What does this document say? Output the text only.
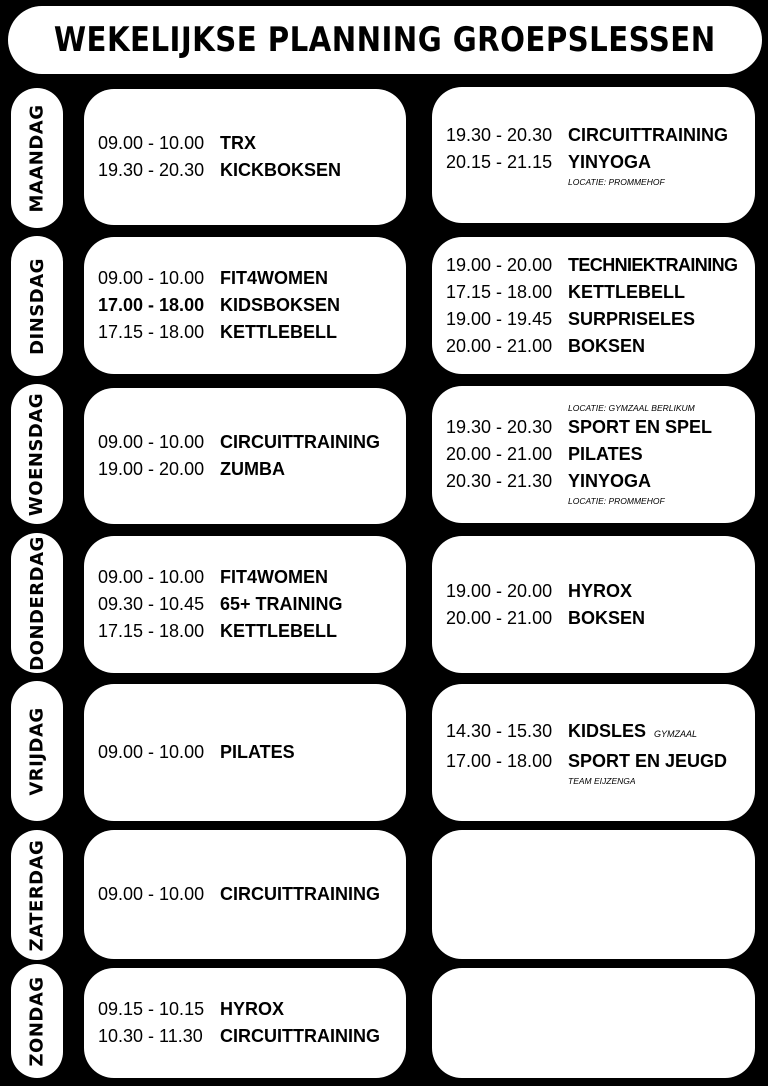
WEKELIJKSE PLANNING GROEPSLESSEN
MAANDAG	09.00 - 10.00 TRX
19.30 - 20.30 KICKBOKSEN
19.30 - 20.30 CIRCUITTRAINING
20.15 - 21.15 YINYOGA
LOCATIE: PROMMEHOF
DINSDAG	09.00 - 10.00 FIT4WOMEN
17.00 - 18.00 KIDSBOKSEN
17.15 - 18.00 KETTLEBELL
19.00 - 20.00 TECHNIEKTRAINING
17.15 - 18.00 KETTLEBELL
19.00 - 19.45 SURPRISELES
20.00 - 21.00 BOKSEN
WOENSDAG	09.00 - 10.00 CIRCUITTRAINING
19.00 - 20.00 ZUMBA
LOCATIE: GYMZAAL BERLIKUM
19.30 - 20.30 SPORT EN SPEL
20.00 - 21.00 PILATES
20.30 - 21.30 YINYOGA
LOCATIE: PROMMEHOF
DONDERDAG	09.00 - 10.00 FIT4WOMEN
09.30 - 10.45 65+ TRAINING
17.15 - 18.00 KETTLEBELL
19.00 - 20.00 HYROX
20.00 - 21.00 BOKSEN
VRIJDAG	09.00 - 10.00 PILATES
14.30 - 15.30 KIDSLES GYMZAAL
17.00 - 18.00 SPORT EN JEUGD
TEAM EIJZENGA
ZATERDAG	09.00 - 10.00 CIRCUITTRAINING
ZONDAG	09.15 - 10.15 HYROX
10.30 - 11.30 CIRCUITTRAINING
